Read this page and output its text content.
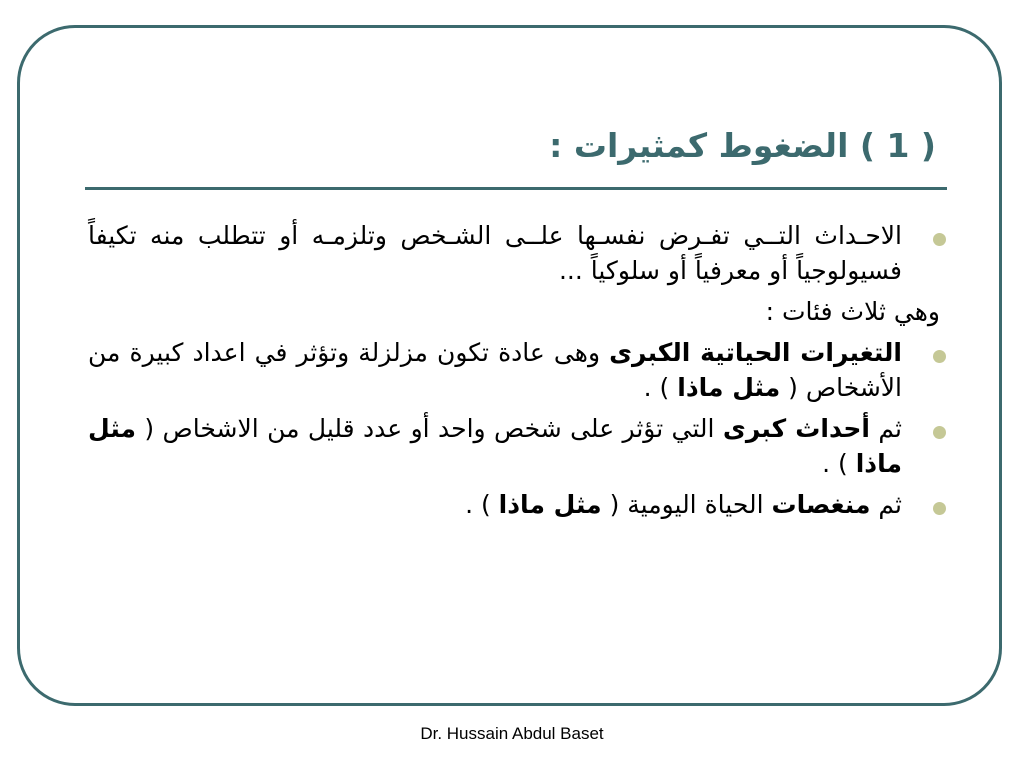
( 1 ) الضغوط كمثيرات :
الاحـداث التــي تفـرض نفسـها علــى الشـخص وتلزمـه أو تتطلب منه تكيفاً فسيولوجياً أو معرفياً أو سلوكياً ...
وهي ثلاث فئات :
التغيرات الحياتية الكبرى وهى عادة تكون مزلزلة وتؤثر في اعداد كبيرة من الأشخاص ( مثل ماذا ) .
ثم أحداث كبرى التي تؤثر على شخص واحد أو عدد قليل من الاشخاص ( مثل ماذا ) .
ثم منغصات الحياة اليومية ( مثل ماذا ) .
Dr. Hussain Abdul Baset
